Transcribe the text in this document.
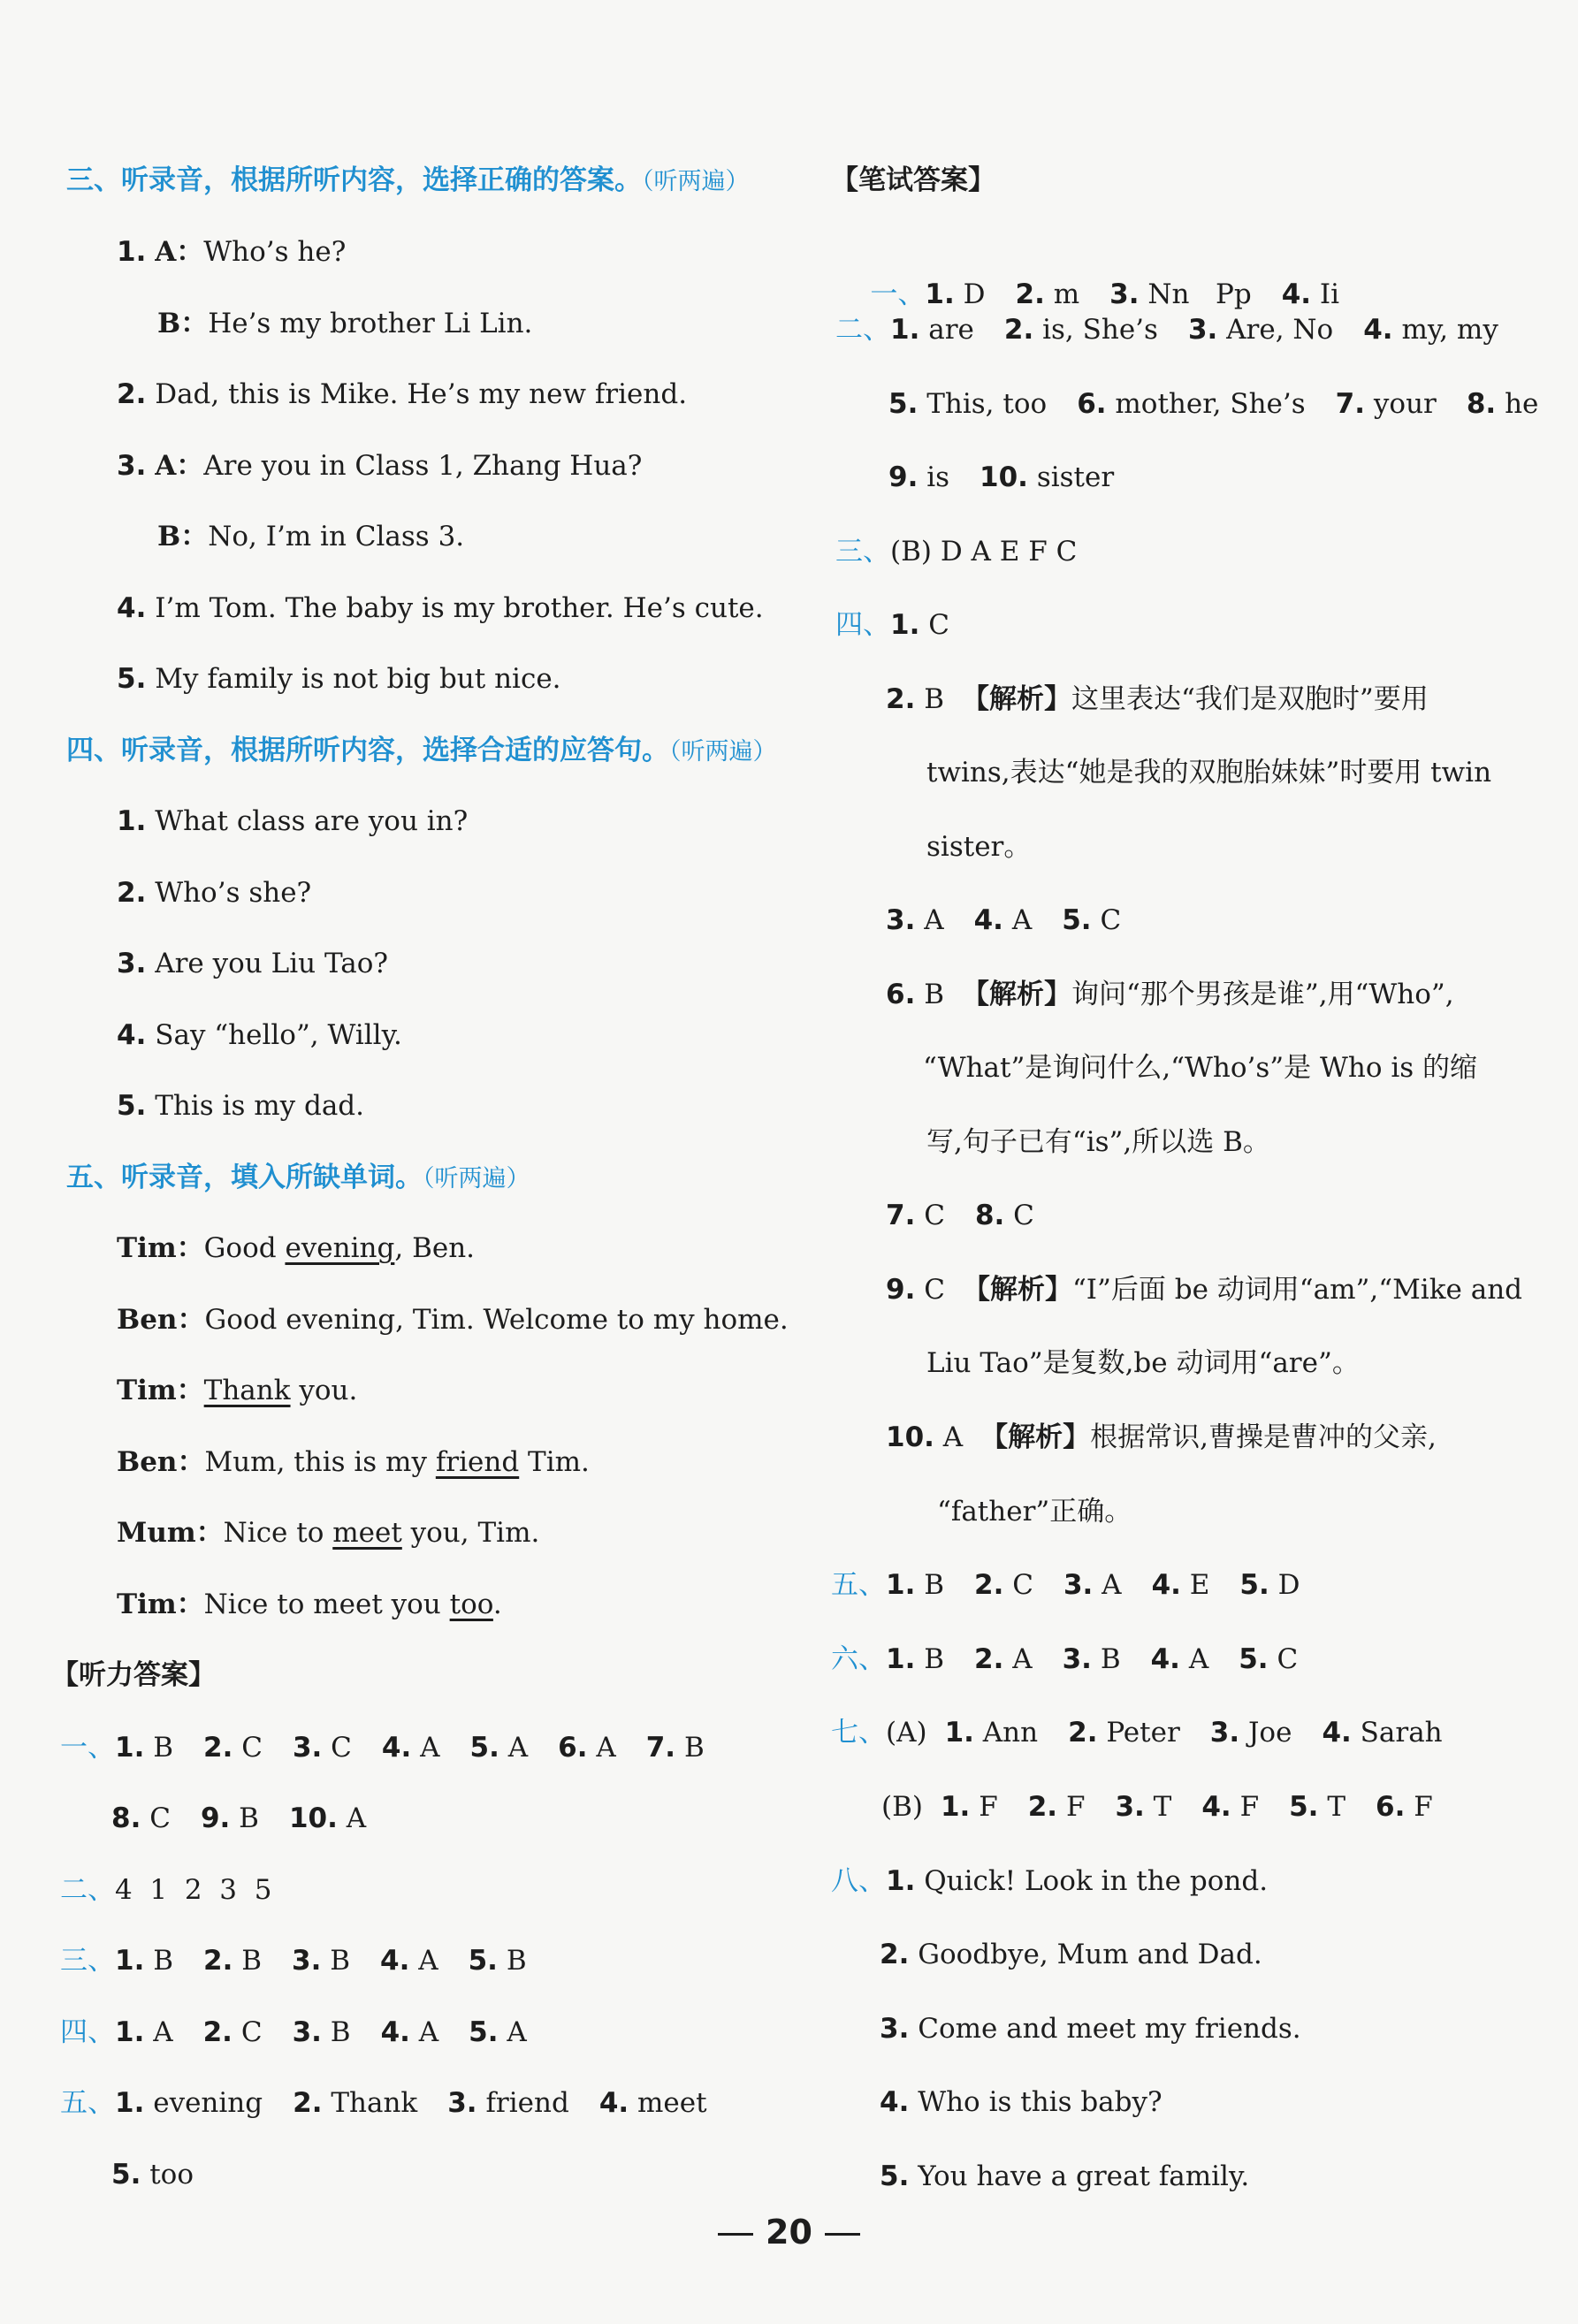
三、听录音，根据所听内容，选择正确的答案。（听两遍）
1. A：Who’s he?
B：He’s my brother Li Lin.
2. Dad, this is Mike. He’s my new friend.
3. A：Are you in Class 1, Zhang Hua?
B：No, I’m in Class 3.
4. I’m Tom. The baby is my brother. He’s cute.
5. My family is not big but nice.
四、听录音，根据所听内容，选择合适的应答句。（听两遍）
1. What class are you in?
2. Who’s she?
3. Are you Liu Tao?
4. Say “hello”, Willy.
5. This is my dad.
五、听录音，填入所缺单词。（听两遍）
Tim：Good evening, Ben.
Ben：Good evening, Tim. Welcome to my home.
Tim：Thank you.
Ben：Mum, this is my friend Tim.
Mum：Nice to meet you, Tim.
Tim：Nice to meet you too.
【听力答案】
一、1. B 2. C 3. C 4. A 5. A 6. A 7. B
8. C 9. B 10. A
二、4  1  2  3  5
三、1. B 2. B 3. B 4. A 5. B
四、1. A 2. C 3. B 4. A 5. A
五、1. evening 2. Thank 3. friend 4. meet
5. too
【笔试答案】

一、1. D 2. m 3. Nn   Pp 4. Ii

二、1. are 2. is, She’s 3. Are, No 4. my, my
5. This, too 6. mother, She’s 7. your 8. he
9. is 10. sister
三、(B) D A E F C
四、1. C
2. B 【解析】这里表达“我们是双胞时”要用
twins,表达“她是我的双胞胎妹妹”时要用 twin
sister。
3. A 4. A 5. C
6. B 【解析】询问“那个男孩是谁”,用“Who”,
“What”是询问什么,“Who’s”是 Who is 的缩
写,句子已有“is”,所以选 B。
7. C 8. C
9. C 【解析】“I”后面 be 动词用“am”,“Mike and
Liu Tao”是复数,be 动词用“are”。
10. A 【解析】根据常识,曹操是曹冲的父亲,
“father”正确。
五、1. B 2. C 3. A 4. E 5. D
六、1. B 2. A 3. B 4. A 5. C
七、(A) 1. Ann 2. Peter 3. Joe 4. Sarah
(B) 1. F 2. F 3. T 4. F 5. T 6. F
八、1. Quick! Look in the pond.
2. Goodbye, Mum and Dad.
3. Come and meet my friends.
4. Who is this baby?
5. You have a great family.
20
